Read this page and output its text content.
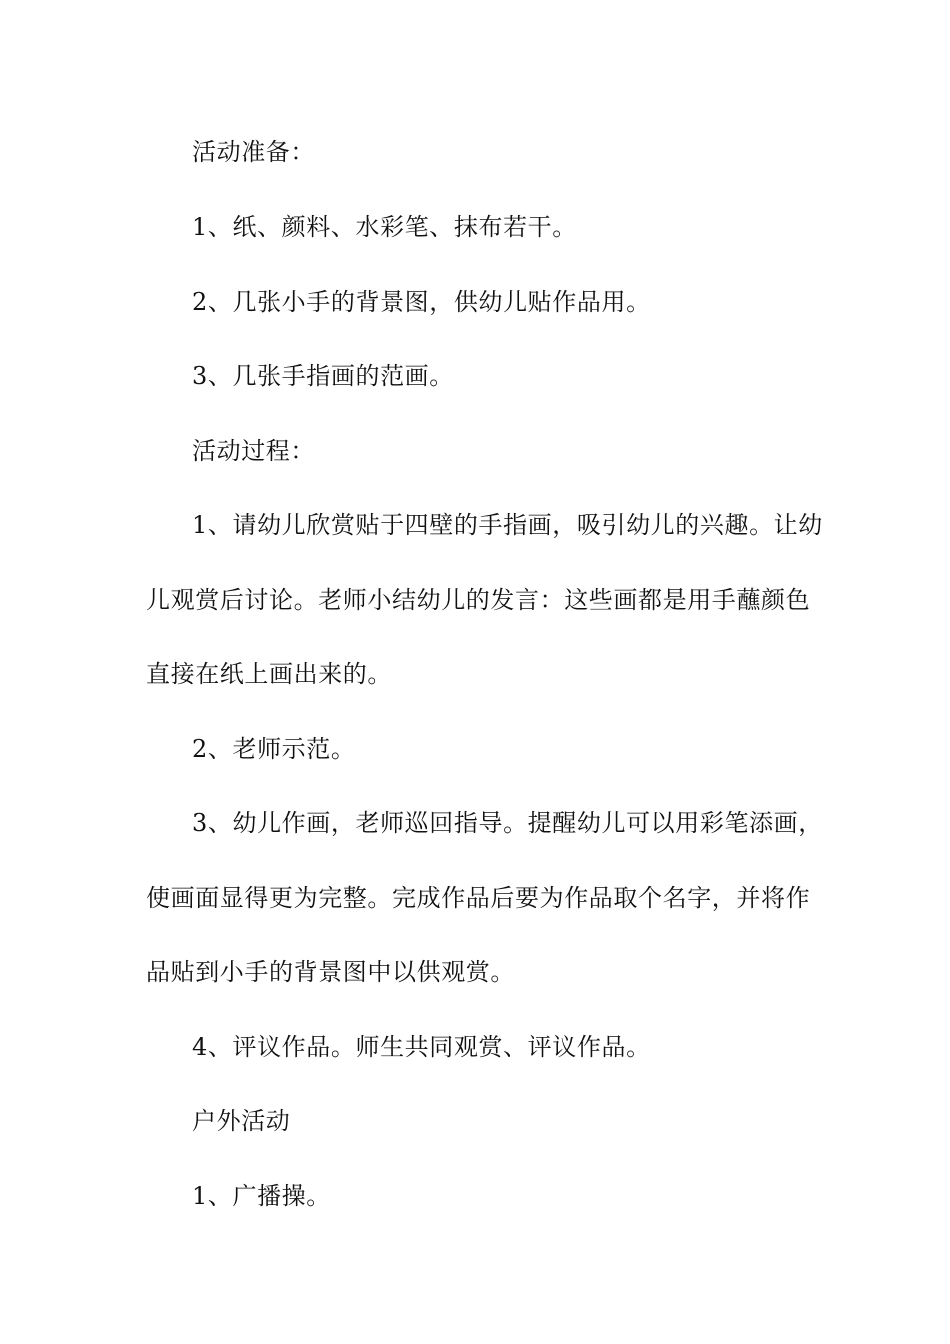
活动准备：
1、纸、颜料、水彩笔、抹布若干。
2、几张小手的背景图，供幼儿贴作品用。
3、几张手指画的范画。
活动过程：
1、请幼儿欣赏贴于四壁的手指画，吸引幼儿的兴趣。让幼
儿观赏后讨论。老师小结幼儿的发言：这些画都是用手蘸颜色
直接在纸上画出来的。
2、老师示范。
3、幼儿作画，老师巡回指导。提醒幼儿可以用彩笔添画，
使画面显得更为完整。完成作品后要为作品取个名字，并将作
品贴到小手的背景图中以供观赏。
4、评议作品。师生共同观赏、评议作品。
户外活动
1、广播操。
